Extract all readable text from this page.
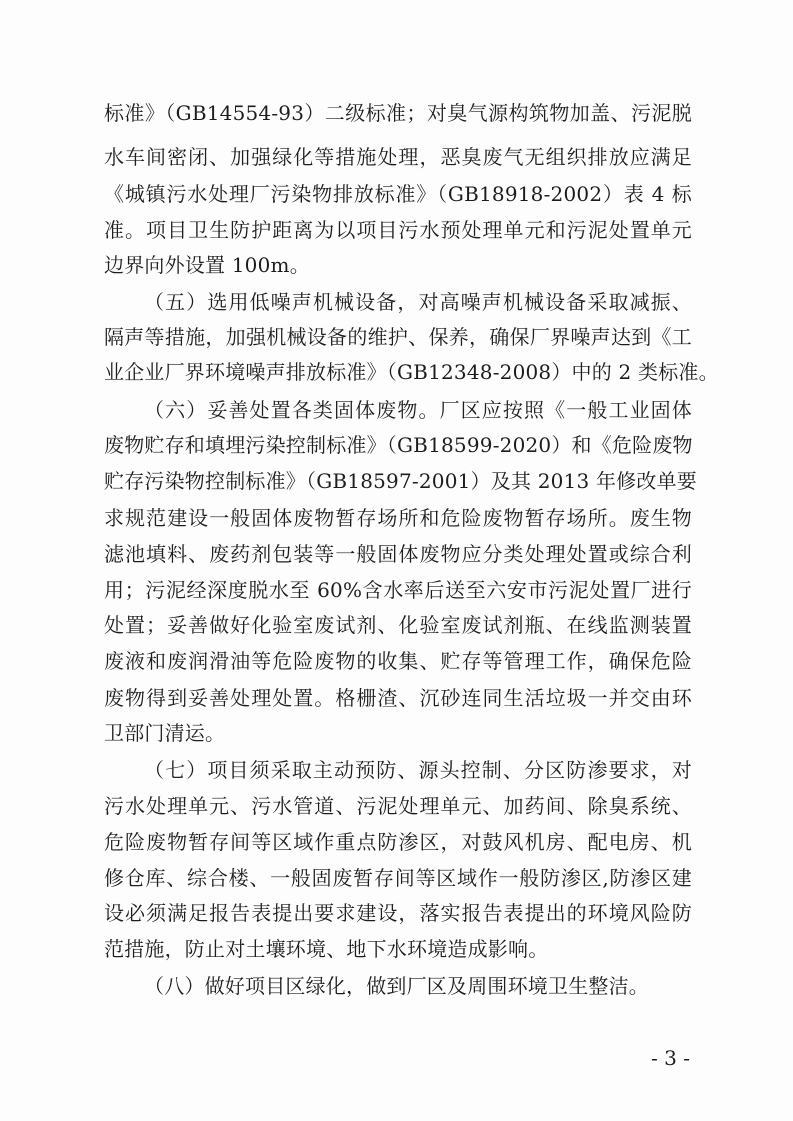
标准》（GB14554-93）二级标准；对臭气源构筑物加盖、污泥脱
水车间密闭、加强绿化等措施处理，恶臭废气无组织排放应满足
《城镇污水处理厂污染物排放标准》（GB18918-2002）表 4 标
准。项目卫生防护距离为以项目污水预处理单元和污泥处置单元
边界向外设置 100m。
（五）选用低噪声机械设备，对高噪声机械设备采取减振、
隔声等措施，加强机械设备的维护、保养，确保厂界噪声达到《工
业企业厂界环境噪声排放标准》（GB12348-2008）中的 2 类标准。
（六）妥善处置各类固体废物。厂区应按照《一般工业固体
废物贮存和填埋污染控制标准》（GB18599-2020）和《危险废物
贮存污染物控制标准》（GB18597-2001）及其 2013 年修改单要
求规范建设一般固体废物暂存场所和危险废物暂存场所。废生物
滤池填料、废药剂包装等一般固体废物应分类处理处置或综合利
用；污泥经深度脱水至 60%含水率后送至六安市污泥处置厂进行
处置；妥善做好化验室废试剂、化验室废试剂瓶、在线监测装置
废液和废润滑油等危险废物的收集、贮存等管理工作，确保危险
废物得到妥善处理处置。格栅渣、沉砂连同生活垃圾一并交由环
卫部门清运。
（七）项目须采取主动预防、源头控制、分区防渗要求，对
污水处理单元、污水管道、污泥处理单元、加药间、除臭系统、
危险废物暂存间等区域作重点防渗区，对鼓风机房、配电房、机
修仓库、综合楼、一般固废暂存间等区域作一般防渗区,防渗区建
设必须满足报告表提出要求建设，落实报告表提出的环境风险防
范措施，防止对土壤环境、地下水环境造成影响。
（八）做好项目区绿化，做到厂区及周围环境卫生整洁。
- 3 -
